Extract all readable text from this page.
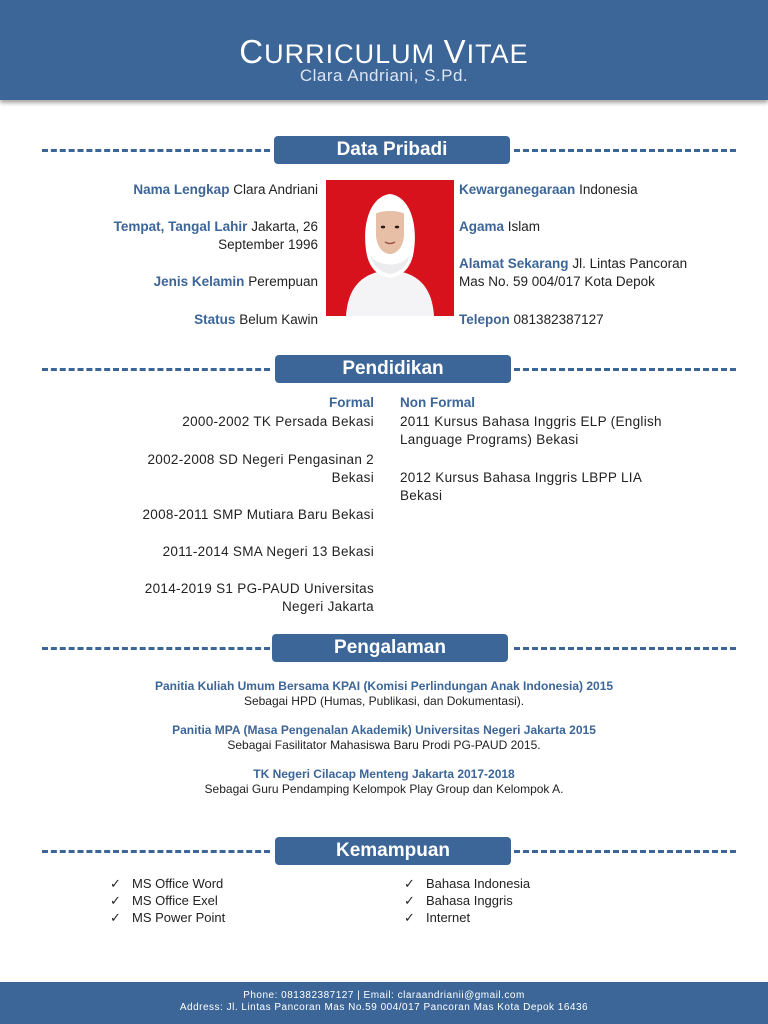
CURRICULUM VITAE
Clara Andriani, S.Pd.
Data Pribadi
Nama Lengkap Clara Andriani
Tempat, Tangal Lahir Jakarta, 26
September 1996
Jenis Kelamin Perempuan
Status Belum Kawin
Kewarganegaraan Indonesia
Agama Islam
Alamat Sekarang Jl. Lintas Pancoran
Mas No. 59 004/017 Kota Depok
Telepon 081382387127
Pendidikan
Formal Non Formal
2000-2002 TK Persada Bekasi
2002-2008 SD Negeri Pengasinan 2
Bekasi
2008-2011 SMP Mutiara Baru Bekasi
2011-2014 SMA Negeri 13 Bekasi
2014-2019 S1 PG-PAUD Universitas
Negeri Jakarta
2011 Kursus Bahasa Inggris ELP (English
Language Programs) Bekasi
2012 Kursus Bahasa Inggris LBPP LIA
Bekasi
Pengalaman
Panitia Kuliah Umum Bersama KPAI (Komisi Perlindungan Anak Indonesia) 2015
Sebagai HPD (Humas, Publikasi, dan Dokumentasi).
Panitia MPA (Masa Pengenalan Akademik) Universitas Negeri Jakarta 2015
Sebagai Fasilitator Mahasiswa Baru Prodi PG-PAUD 2015.
TK Negeri Cilacap Menteng Jakarta 2017-2018
Sebagai Guru Pendamping Kelompok Play Group dan Kelompok A.
Kemampuan
✓ MS Office Word
✓ MS Office Exel
✓ MS Power Point
✓ Bahasa Indonesia
✓ Bahasa Inggris
✓ Internet
Phone: 081382387127 | Email: claraandrianii@gmail.com
Address: Jl. Lintas Pancoran Mas No.59 004/017 Pancoran Mas Kota Depok 16436
